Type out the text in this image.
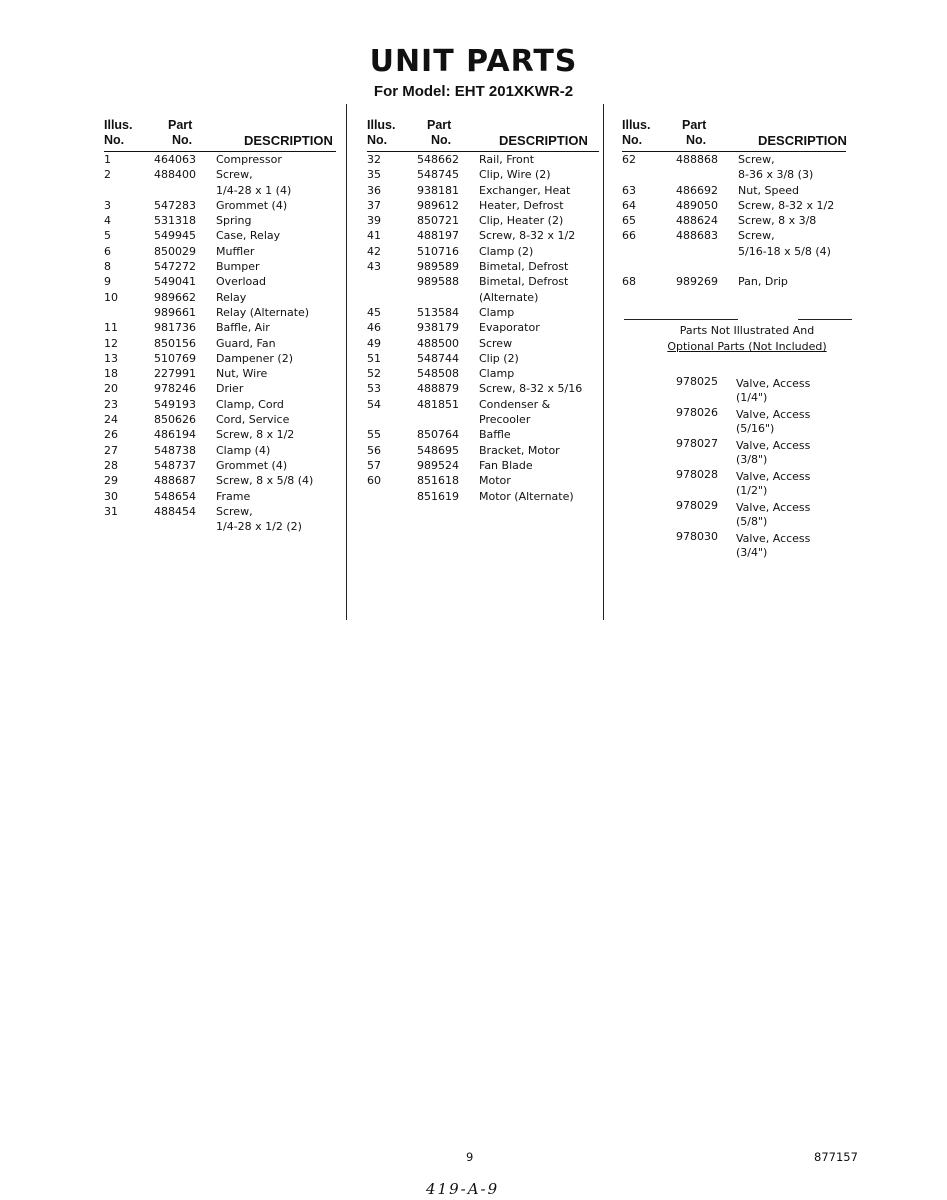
UNIT PARTS
For Model: EHT 201XKWR-2
Illus.
No.
Part
No.	DESCRIPTION
1	464063	Compressor
2	488400	Screw,
1/4-28 x 1 (4)
3	547283	Grommet (4)
4	531318	Spring
5	549945	Case, Relay
6	850029	Muffler
8	547272	Bumper
9	549041	Overload
10	989662	Relay
989661	Relay (Alternate)
11	981736	Baffle, Air
12	850156	Guard, Fan
13	510769	Dampener (2)
18	227991	Nut, Wire
20	978246	Drier
23	549193	Clamp, Cord
24	850626	Cord, Service
26	486194	Screw, 8 x 1/2
27	548738	Clamp (4)
28	548737	Grommet (4)
29	488687	Screw, 8 x 5/8 (4)
30	548654	Frame
31	488454	Screw,
1/4-28 x 1/2 (2)
Illus.
No.
Part
No.	DESCRIPTION
32	548662	Rail, Front
35	548745	Clip, Wire (2)
36	938181	Exchanger, Heat
37	989612	Heater, Defrost
39	850721	Clip, Heater (2)
41	488197	Screw, 8-32 x 1/2
42	510716	Clamp (2)
43	989589	Bimetal, Defrost
989588	Bimetal, Defrost
(Alternate)
45	513584	Clamp
46	938179	Evaporator
49	488500	Screw
51	548744	Clip (2)
52	548508	Clamp
53	488879	Screw, 8-32 x 5/16
54	481851	Condenser &
Precooler
55	850764	Baffle
56	548695	Bracket, Motor
57	989524	Fan Blade
60	851618	Motor
851619	Motor (Alternate)
Illus.
No.
Part
No.	DESCRIPTION
62	488868	Screw,
8-36 x 3/8 (3)
63	486692	Nut, Speed
64	489050	Screw, 8-32 x 1/2
65	488624	Screw, 8 x 3/8
66	488683	Screw,
5/16-18 x 5/8 (4)
68	989269	Pan, Drip
Parts Not Illustrated And
Optional Parts (Not Included)
978025 Valve, Access
(1/4")
978026 Valve, Access
(5/16")
978027 Valve, Access
(3/8")
978028 Valve, Access
(1/2")
978029 Valve, Access
(5/8")
978030 Valve, Access
(3/4")
9	877157
419-A-9
